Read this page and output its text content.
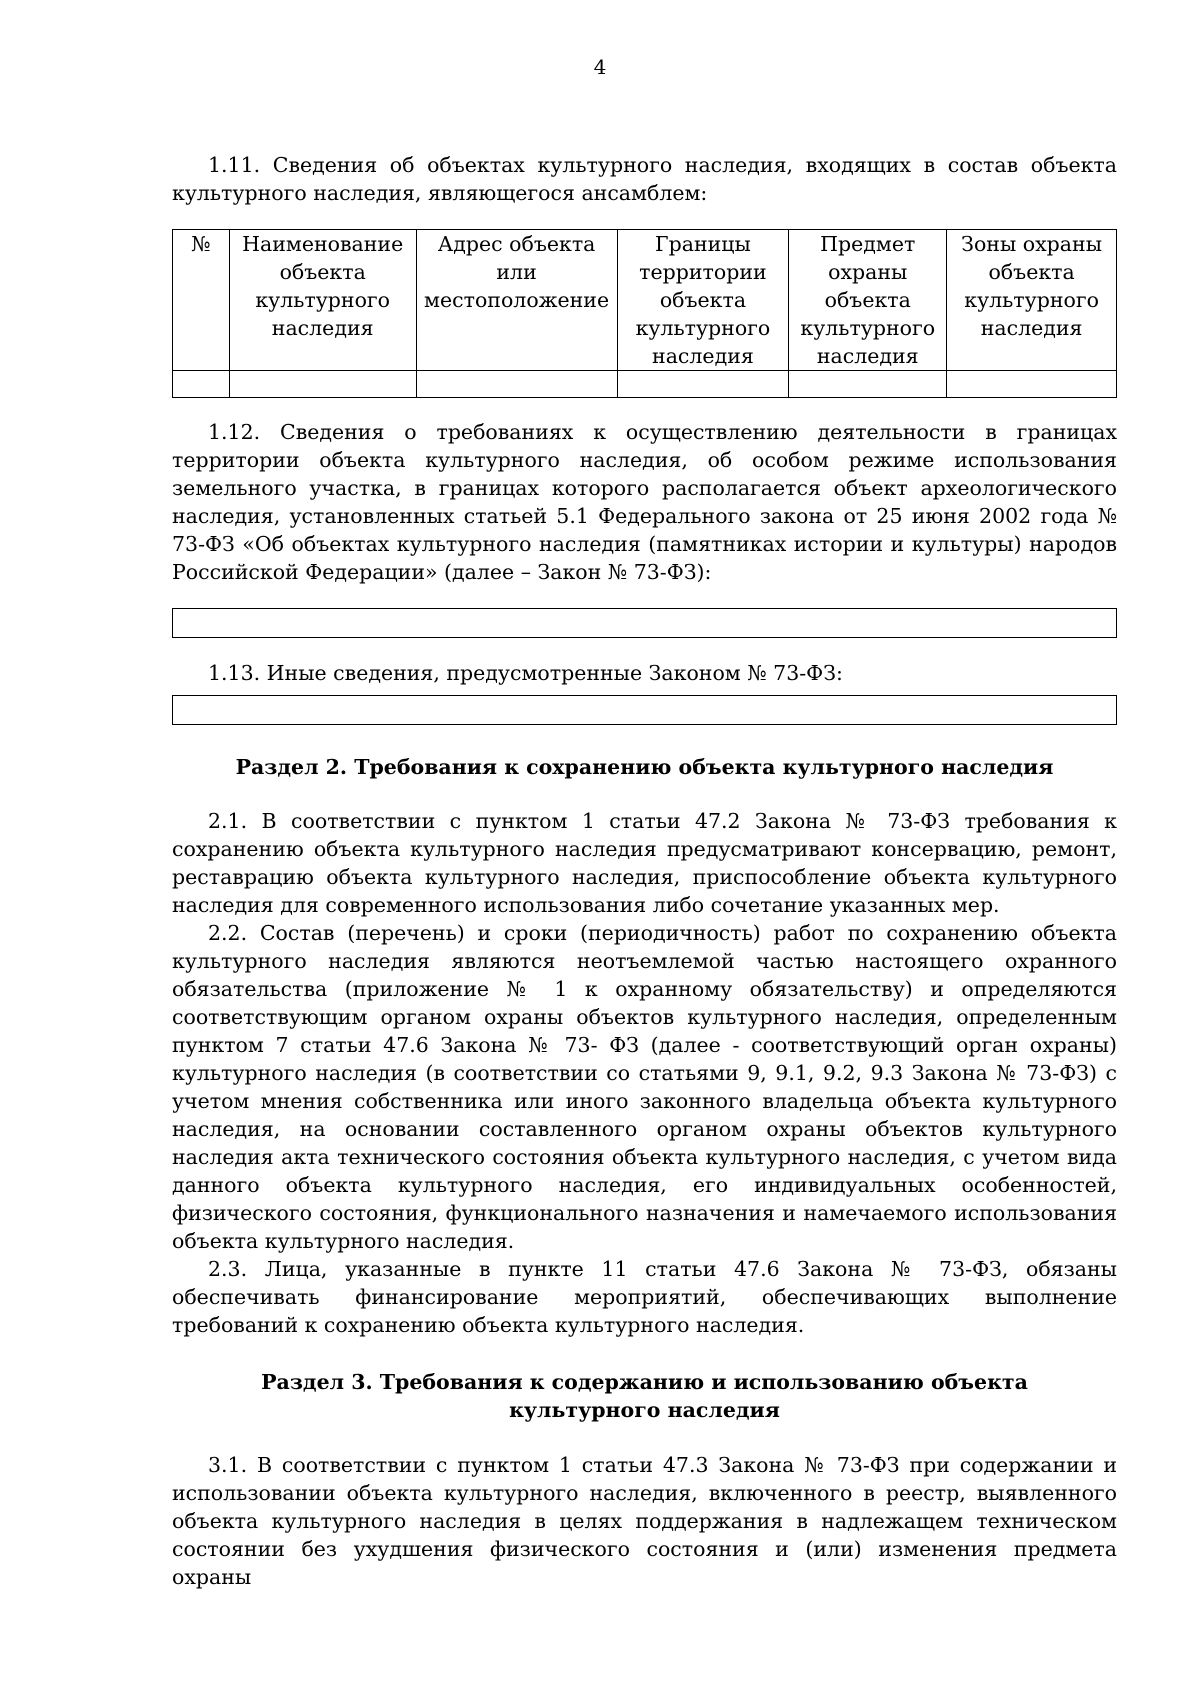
4

1.11. Сведения об объектах культурного наследия, входящих в состав объекта культурного наследия, являющегося ансамблем:

№	Наименование объекта культурного наследия	Адрес объекта или местоположение	Границы территории объекта культурного наследия	Предмет охраны объекта культурного наследия	Зоны охраны объекта культурного наследия

1.12. Сведения о требованиях к осуществлению деятельности в границах территории объекта культурного наследия, об особом режиме использования земельного участка, в границах которого располагается объект археологического наследия, установленных статьей 5.1 Федерального закона от 25 июня 2002 года № 73-ФЗ «Об объектах культурного наследия (памятниках истории и культуры) народов Российской Федерации» (далее – Закон № 73-ФЗ):

1.13. Иные сведения, предусмотренные Законом № 73-ФЗ:

Раздел 2. Требования к сохранению объекта культурного наследия

2.1. В соответствии с пунктом 1 статьи 47.2 Закона № 73-ФЗ требования к сохранению объекта культурного наследия предусматривают консервацию, ремонт, реставрацию объекта культурного наследия, приспособление объекта культурного наследия для современного использования либо сочетание указанных мер.

2.2. Состав (перечень) и сроки (периодичность) работ по сохранению объекта культурного наследия являются неотъемлемой частью настоящего охранного обязательства (приложение № 1 к охранному обязательству) и определяются соответствующим органом охраны объектов культурного наследия, определенным пунктом 7 статьи 47.6 Закона № 73- ФЗ (далее - соответствующий орган охраны) культурного наследия (в соответствии со статьями 9, 9.1, 9.2, 9.3 Закона № 73-ФЗ) с учетом мнения собственника или иного законного владельца объекта культурного наследия, на основании составленного органом охраны объектов культурного наследия акта технического состояния объекта культурного наследия, с учетом вида данного объекта культурного наследия, его индивидуальных особенностей, физического состояния, функционального назначения и намечаемого использования объекта культурного наследия.

2.3. Лица, указанные в пункте 11 статьи 47.6 Закона № 73-ФЗ, обязаны обеспечивать финансирование мероприятий, обеспечивающих выполнение требований к сохранению объекта культурного наследия.

Раздел 3. Требования к содержанию и использованию объекта

культурного наследия

3.1. В соответствии с пунктом 1 статьи 47.3 Закона № 73-ФЗ при содержании и использовании объекта культурного наследия, включенного в реестр, выявленного объекта культурного наследия в целях поддержания в надлежащем техническом состоянии без ухудшения физического состояния и (или) изменения предмета охраны
